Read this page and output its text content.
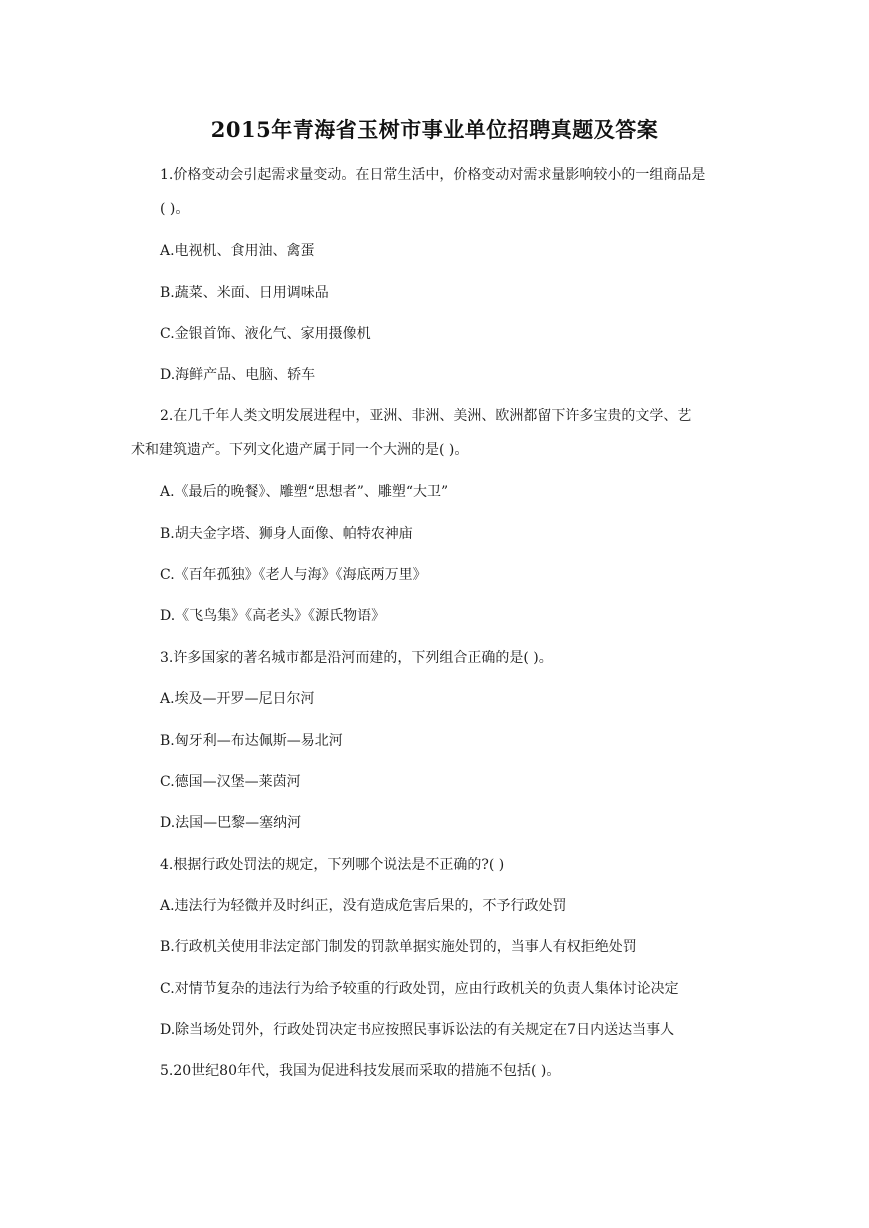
2015年青海省玉树市事业单位招聘真题及答案
1.价格变动会引起需求量变动。在日常生活中，价格变动对需求量影响较小的一组商品是
( )。
A.电视机、食用油、禽蛋
B.蔬菜、米面、日用调味品
C.金银首饰、液化气、家用摄像机
D.海鲜产品、电脑、轿车
2.在几千年人类文明发展进程中，亚洲、非洲、美洲、欧洲都留下许多宝贵的文学、艺
术和建筑遗产。下列文化遗产属于同一个大洲的是( )。
A.《最后的晚餐》、雕塑“思想者”、雕塑“大卫”
B.胡夫金字塔、狮身人面像、帕特农神庙
C.《百年孤独》《老人与海》《海底两万里》
D.《飞鸟集》《高老头》《源氏物语》
3.许多国家的著名城市都是沿河而建的，下列组合正确的是( )。
A.埃及—开罗—尼日尔河
B.匈牙利—布达佩斯—易北河
C.德国—汉堡—莱茵河
D.法国—巴黎—塞纳河
4.根据行政处罚法的规定，下列哪个说法是不正确的?( )
A.违法行为轻微并及时纠正，没有造成危害后果的，不予行政处罚
B.行政机关使用非法定部门制发的罚款单据实施处罚的，当事人有权拒绝处罚
C.对情节复杂的违法行为给予较重的行政处罚，应由行政机关的负责人集体讨论决定
D.除当场处罚外，行政处罚决定书应按照民事诉讼法的有关规定在7日内送达当事人
5.20世纪80年代，我国为促进科技发展而采取的措施不包括( )。
